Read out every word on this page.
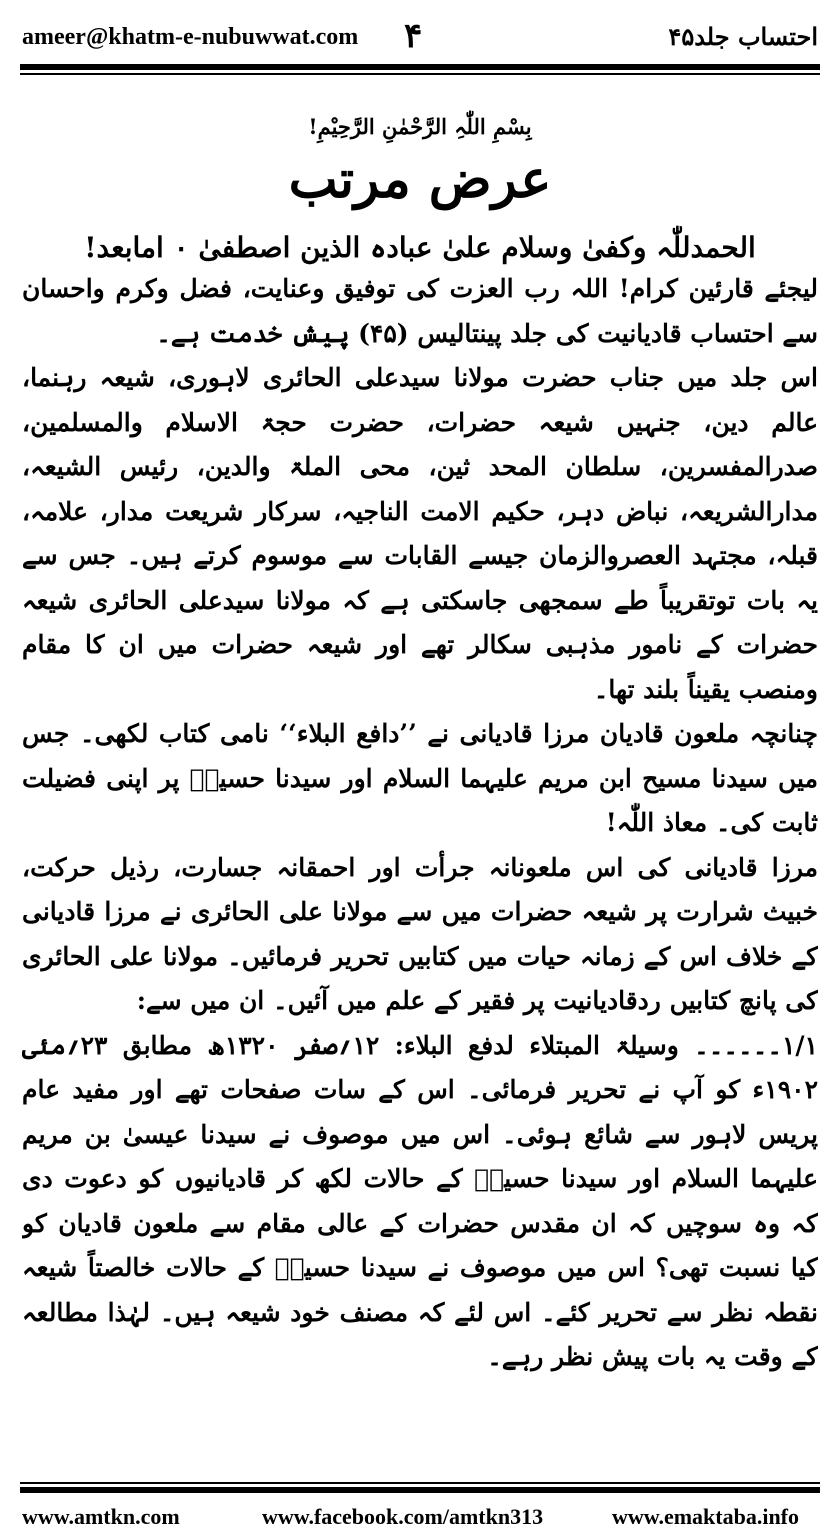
ameer@khatm-e-nubuwwat.com ۴	احتساب جلد۴۵
بِسْمِ اللّٰہِ الرَّحْمٰنِ الرَّحِیْمِ!
عرض مرتب
الحمدللّٰہ وکفیٰ وسلام علیٰ عبادہ الذین اصطفیٰ ۰ امابعد!

لیجئے قارئین کرام! اللہ رب العزت کی توفیق وعنایت، فضل وکرم واحسان سے احتساب قادیانیت کی جلد پینتالیس (۴۵) پیش خدمت ہے۔

اس جلد میں جناب حضرت مولانا سیدعلی الحائری لاہوری، شیعہ رہنما، عالم دین، جنہیں شیعہ حضرات، حضرت حجۃ الاسلام والمسلمین، صدرالمفسرین، سلطان المحد ثین، محی الملۃ والدین، رئیس الشیعہ، مدارالشریعہ، نباض دہر، حکیم الامت الناجیہ، سرکار شریعت مدار، علامہ، قبلہ، مجتہد العصروالزمان جیسے القابات سے موسوم کرتے ہیں۔ جس سے یہ بات توتقریباً طے سمجھی جاسکتی ہے کہ مولانا سیدعلی الحائری شیعہ حضرات کے نامور مذہبی سکالر تھے اور شیعہ حضرات میں ان کا مقام ومنصب یقیناً بلند تھا۔

چنانچہ ملعون قادیان مرزا قادیانی نے ’’دافع البلاء‘‘ نامی کتاب لکھی۔ جس میں سیدنا مسیح ابن مریم علیہما السلام اور سیدنا حسینؓ پر اپنی فضیلت ثابت کی۔ معاذ اللّٰہ!

مرزا قادیانی کی اس ملعونانہ جرأت اور احمقانہ جسارت، رذیل حرکت، خبیث شرارت پر شیعہ حضرات میں سے مولانا علی الحائری نے مرزا قادیانی کے خلاف اس کے زمانہ حیات میں کتابیں تحریر فرمائیں۔ مولانا علی الحائری کی پانچ کتابیں ردقادیانیت پر فقیر کے علم میں آئیں۔ ان میں سے:

۱/۱۔۔۔۔۔۔ وسیلۃ المبتلاء لدفع البلاء: ۱۲؍صفر ۱۳۲۰ھ مطابق ۲۳؍مئی ۱۹۰۲ء کو آپ نے تحریر فرمائی۔ اس کے سات صفحات تھے اور مفید عام پریس لاہور سے شائع ہوئی۔ اس میں موصوف نے سیدنا عیسیٰ بن مریم علیہما السلام اور سیدنا حسینؓ کے حالات لکھ کر قادیانیوں کو دعوت دی کہ وہ سوچیں کہ ان مقدس حضرات کے عالی مقام سے ملعون قادیان کو کیا نسبت تھی؟ اس میں موصوف نے سیدنا حسینؓ کے حالات خالصتاً شیعہ نقطہ نظر سے تحریر کئے۔ اس لئے کہ مصنف خود شیعہ ہیں۔ لہٰذا مطالعہ کے وقت یہ بات پیش نظر رہے۔

www.amtkn.com	www.facebook.com/amtkn313	www.emaktaba.info
